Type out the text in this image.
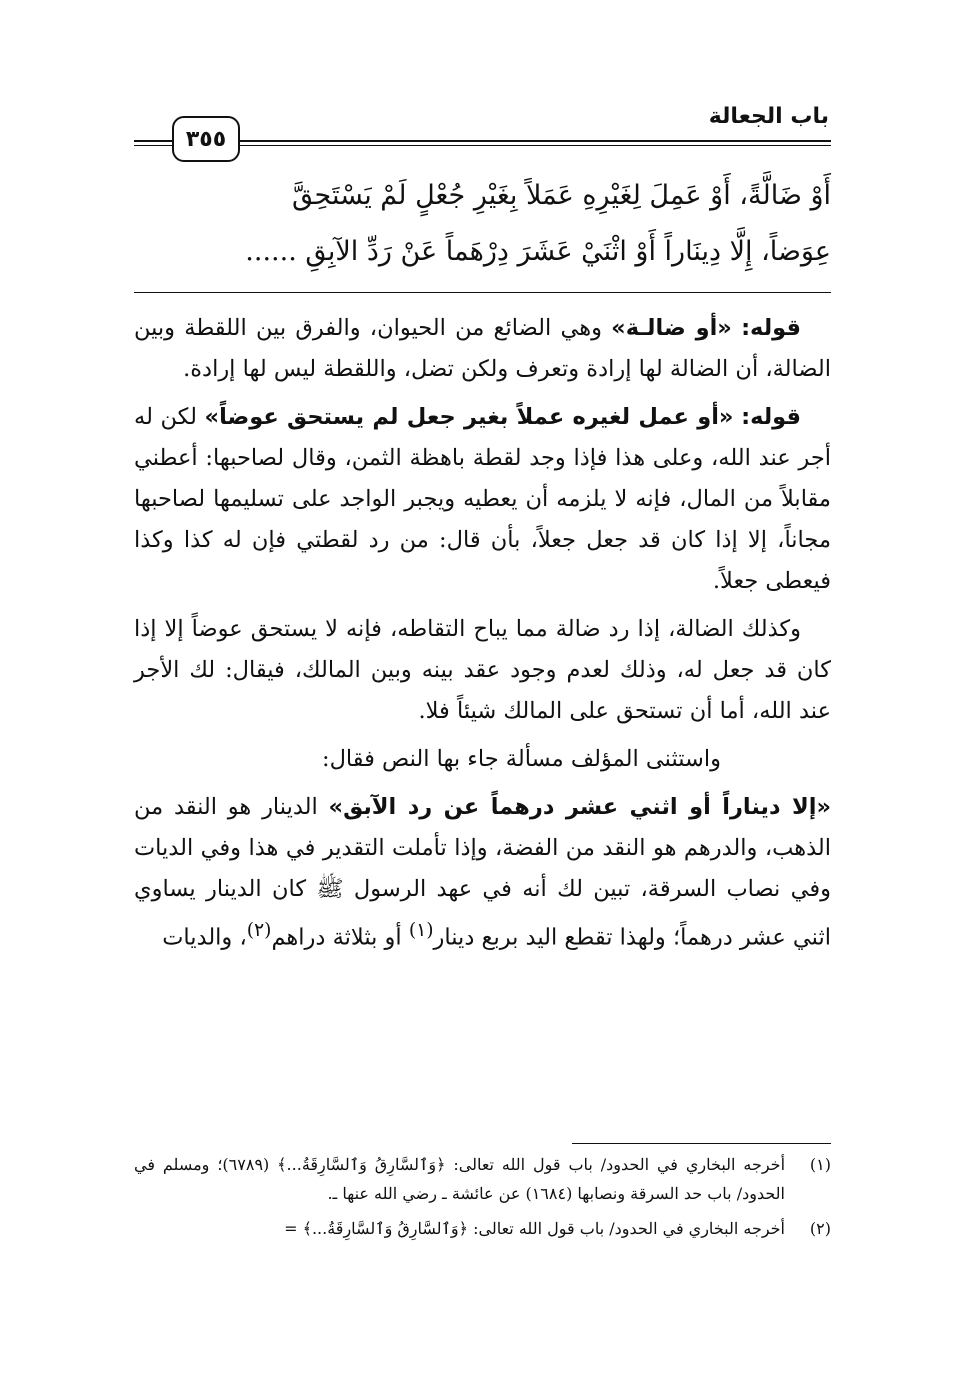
باب الجعالة
٣٥٥
أَوْ ضَالَّةً، أَوْ عَمِلَ لِغَيْرِهِ عَمَلاً بِغَيْرِ جُعْلٍ لَمْ يَسْتَحِقَّ
عِوَضاً، إِلَّا دِينَاراً أَوْ اثْنَيْ عَشَرَ دِرْهَماً عَنْ رَدِّ الآبِقِ ......

قوله: «أو ضالـة» وهي الضائع من الحيوان، والفرق بين اللقطة وبين الضالة، أن الضالة لها إرادة وتعرف ولكن تضل، واللقطة ليس لها إرادة.

قوله: «أو عمل لغيره عملاً بغير جعل لم يستحق عوضاً» لكن له أجر عند الله، وعلى هذا فإذا وجد لقطة باهظة الثمن، وقال لصاحبها: أعطني مقابلاً من المال، فإنه لا يلزمه أن يعطيه ويجبر الواجد على تسليمها لصاحبها مجاناً، إلا إذا كان قد جعل جعلاً، بأن قال: من رد لقطتي فإن له كذا وكذا فيعطى جعلاً.

وكذلك الضالة، إذا رد ضالة مما يباح التقاطه، فإنه لا يستحق عوضاً إلا إذا كان قد جعل له، وذلك لعدم وجود عقد بينه وبين المالك، فيقال: لك الأجر عند الله، أما أن تستحق على المالك شيئاً فلا.

واستثنى المؤلف مسألة جاء بها النص فقال:

«إلا ديناراً أو اثني عشر درهماً عن رد الآبق» الدينار هو النقد من الذهب، والدرهم هو النقد من الفضة، وإذا تأملت التقدير في هذا وفي الديات وفي نصاب السرقة، تبين لك أنه في عهد الرسول ﷺ كان الدينار يساوي اثني عشر درهماً؛ ولهذا تقطع اليد بربع دينار$^{(١)}$ أو بثلاثة دراهم$^{(٢)}$، والديات

(١)
أخرجه البخاري في الحدود/ باب قول الله تعالى: ﴿وَٱلسَّارِقُ وَٱلسَّارِقَةُ...﴾ (٦٧٨٩)؛ ومسلم في الحدود/ باب حد السرقة ونصابها (١٦٨٤) عن عائشة ـ رضي الله عنها ـ.
(٢)
أخرجه البخاري في الحدود/ باب قول الله تعالى: ﴿وَٱلسَّارِقُ وَٱلسَّارِقَةُ...﴾ =
